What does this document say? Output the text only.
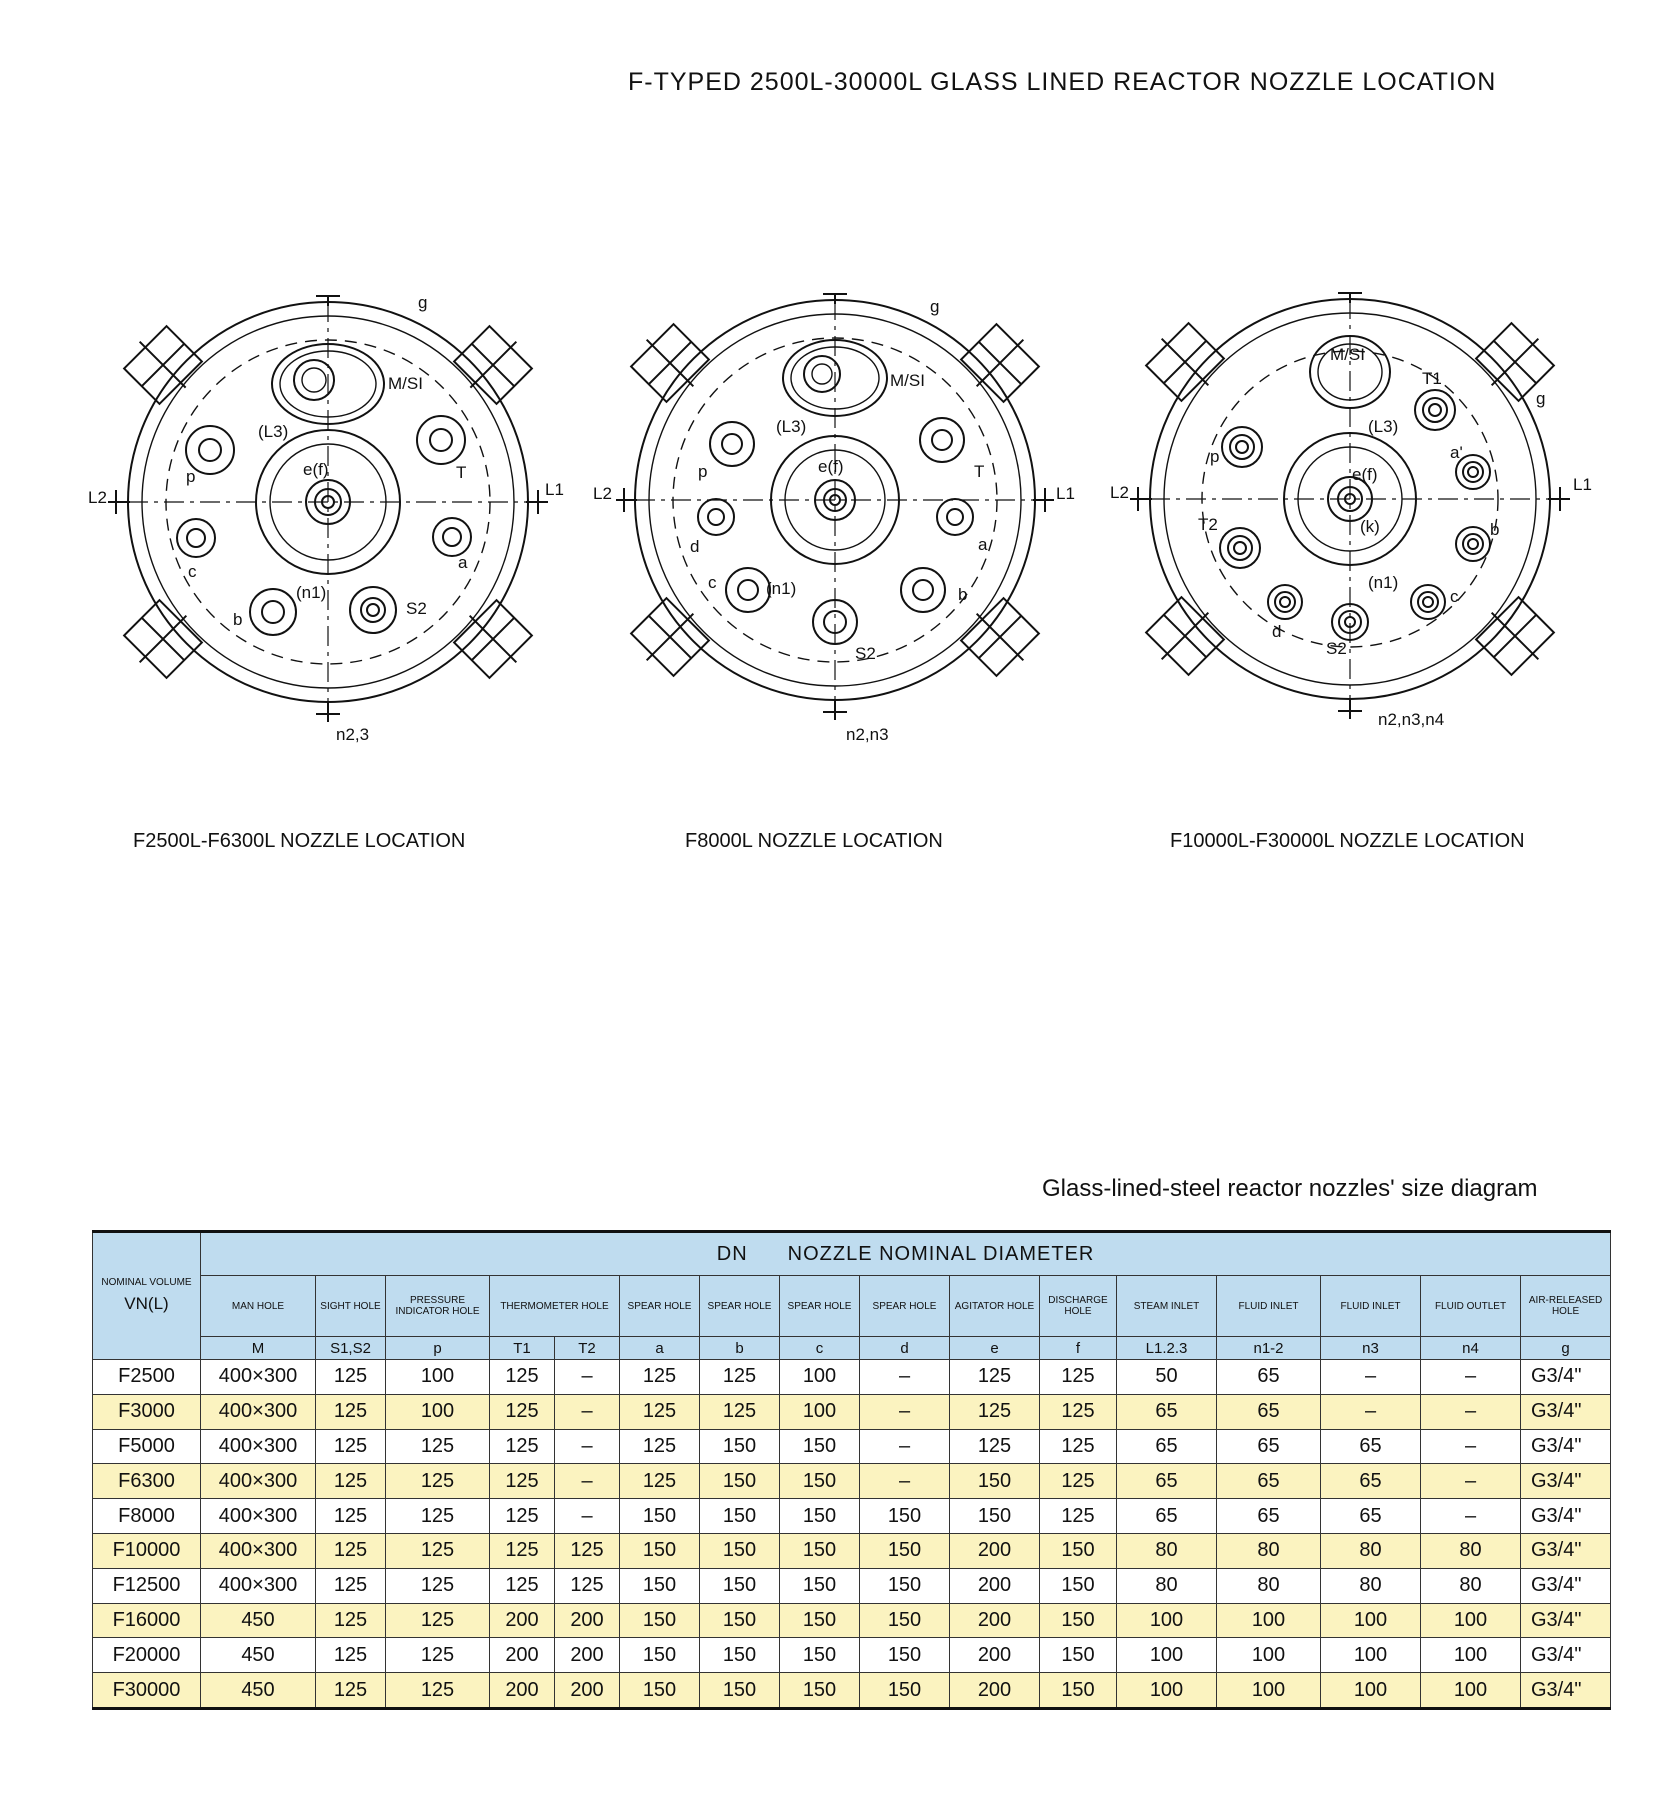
F-TYPED 2500L-30000L GLASS LINED REACTOR NOZZLE LOCATION
g
M/SI
(L3)
p	T
e(f)
L1
L2
a
c
b
(n1)
S2
n2,3
F2500L-F6300L NOZZLE LOCATION
g
M/SI
(L3)
p	T
e(f)
L1
L2
d	a
c
b
(n1)
S2
n2,n3
F8000L NOZZLE LOCATION
M/SI
T1
g
(L3)
p	a'
e(f)
L2	L1
T2	(k)	b
(n1)
c
d
S2
n2,n3,n4
F10000L-F30000L NOZZLE LOCATION
Glass-lined-steel reactor nozzles' size diagram
NOMINAL VOLUME
VN(L)	DN NOZZLE NOMINAL DIAMETER															
	MAN HOLE	SIGHT HOLE	PRESSURE INDICATOR HOLE	THERMOMETER HOLE		SPEAR HOLE	SPEAR HOLE	SPEAR HOLE	SPEAR HOLE	AGITATOR HOLE	DISCHARGE HOLE	STEAM INLET	FLUID INLET	FLUID INLET	FLUID OUTLET	AIR-RELEASED HOLE
	M	S1,S2	p	T1	T2	a	b	c	d	e	f	L1.2.3	n1-2	n3	n4	g
F2500	400×300	125	100	125	–	125	125	100	–	125	125	50	65	–	–	G3/4"
F3000	400×300	125	100	125	–	125	125	100	–	125	125	65	65	–	–	G3/4"
F5000	400×300	125	125	125	–	125	150	150	–	125	125	65	65	65	–	G3/4"
F6300	400×300	125	125	125	–	125	150	150	–	150	125	65	65	65	–	G3/4"
F8000	400×300	125	125	125	–	150	150	150	150	150	125	65	65	65	–	G3/4"
F10000	400×300	125	125	125	125	150	150	150	150	200	150	80	80	80	80	G3/4"
F12500	400×300	125	125	125	125	150	150	150	150	200	150	80	80	80	80	G3/4"
F16000	450	125	125	200	200	150	150	150	150	200	150	100	100	100	100	G3/4"
F20000	450	125	125	200	200	150	150	150	150	200	150	100	100	100	100	G3/4"
F30000	450	125	125	200	200	150	150	150	150	200	150	100	100	100	100	G3/4"
